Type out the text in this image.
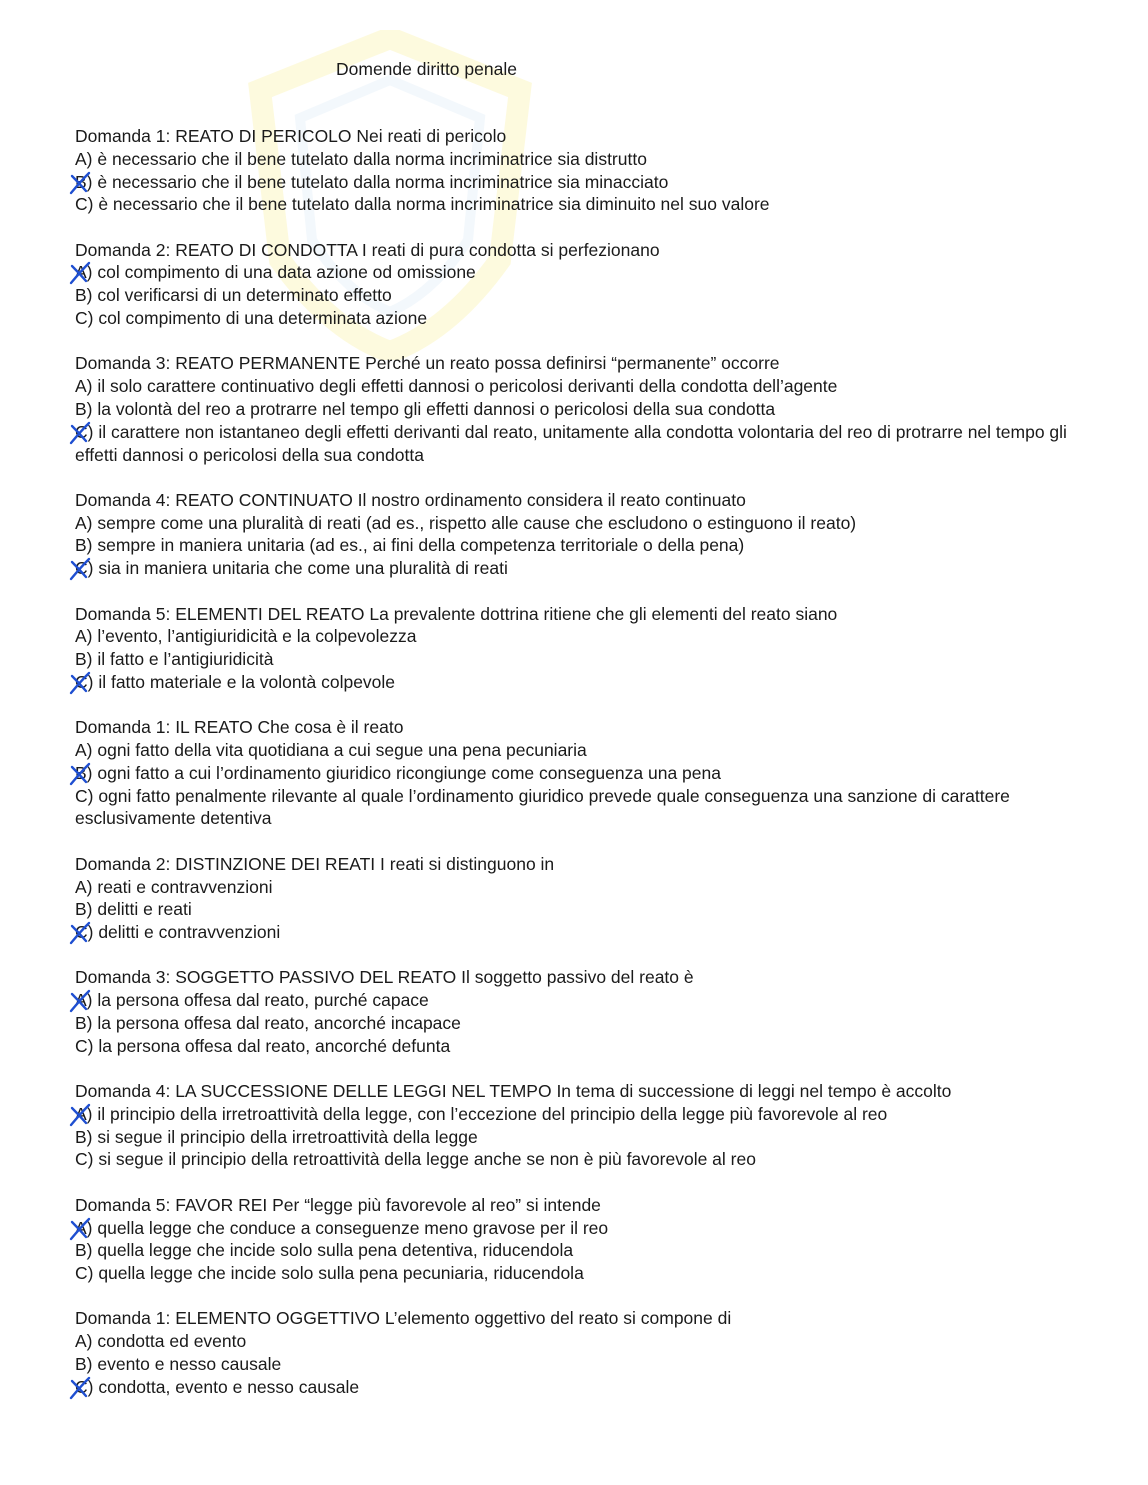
Domende diritto penale
Domanda 1: REATO DI PERICOLO Nei reati di pericolo
A) è necessario che il bene tutelato dalla norma incriminatrice sia distrutto
B) è necessario che il bene tutelato dalla norma incriminatrice sia minacciato
C) è necessario che il bene tutelato dalla norma incriminatrice sia diminuito nel suo valore
Domanda 2: REATO DI CONDOTTA I reati di pura condotta si perfezionano
A) col compimento di una data azione od omissione
B) col verificarsi di un determinato effetto
C) col compimento di una determinata azione
Domanda 3: REATO PERMANENTE Perché un reato possa definirsi “permanente” occorre
A) il solo carattere continuativo degli effetti dannosi o pericolosi derivanti della condotta dell’agente
B) la volontà del reo a protrarre nel tempo gli effetti dannosi o pericolosi della sua condotta
C) il carattere non istantaneo degli effetti derivanti dal reato, unitamente alla condotta volontaria del reo di protrarre nel tempo gli effetti dannosi o pericolosi della sua condotta
Domanda 4: REATO CONTINUATO Il nostro ordinamento considera il reato continuato
A) sempre come una pluralità di reati (ad es., rispetto alle cause che escludono o estinguono il reato)
B) sempre in maniera unitaria (ad es., ai fini della competenza territoriale o della pena)
C) sia in maniera unitaria che come una pluralità di reati
Domanda 5: ELEMENTI DEL REATO La prevalente dottrina ritiene che gli elementi del reato siano
A) l’evento, l’antigiuridicità e la colpevolezza
B) il fatto e l’antigiuridicità
C) il fatto materiale e la volontà colpevole
Domanda 1: IL REATO Che cosa è il reato
A) ogni fatto della vita quotidiana a cui segue una pena pecuniaria
B) ogni fatto a cui l’ordinamento giuridico ricongiunge come conseguenza una pena
C) ogni fatto penalmente rilevante al quale l’ordinamento giuridico prevede quale conseguenza una sanzione di carattere esclusivamente detentiva
Domanda 2: DISTINZIONE DEI REATI I reati si distinguono in
A) reati e contravvenzioni
B) delitti e reati
C) delitti e contravvenzioni
Domanda 3: SOGGETTO PASSIVO DEL REATO Il soggetto passivo del reato è
A) la persona offesa dal reato, purché capace
B) la persona offesa dal reato, ancorché incapace
C) la persona offesa dal reato, ancorché defunta
Domanda 4: LA SUCCESSIONE DELLE LEGGI NEL TEMPO In tema di successione di leggi nel tempo è accolto
A) il principio della irretroattività della legge, con l’eccezione del principio della legge più favorevole al reo
B) si segue il principio della irretroattività della legge
C) si segue il principio della retroattività della legge anche se non è più favorevole al reo
Domanda 5: FAVOR REI Per “legge più favorevole al reo” si intende
A) quella legge che conduce a conseguenze meno gravose per il reo
B) quella legge che incide solo sulla pena detentiva, riducendola
C) quella legge che incide solo sulla pena pecuniaria, riducendola
Domanda 1: ELEMENTO OGGETTIVO L’elemento oggettivo del reato si compone di
A) condotta ed evento
B) evento e nesso causale
C) condotta, evento e nesso causale
